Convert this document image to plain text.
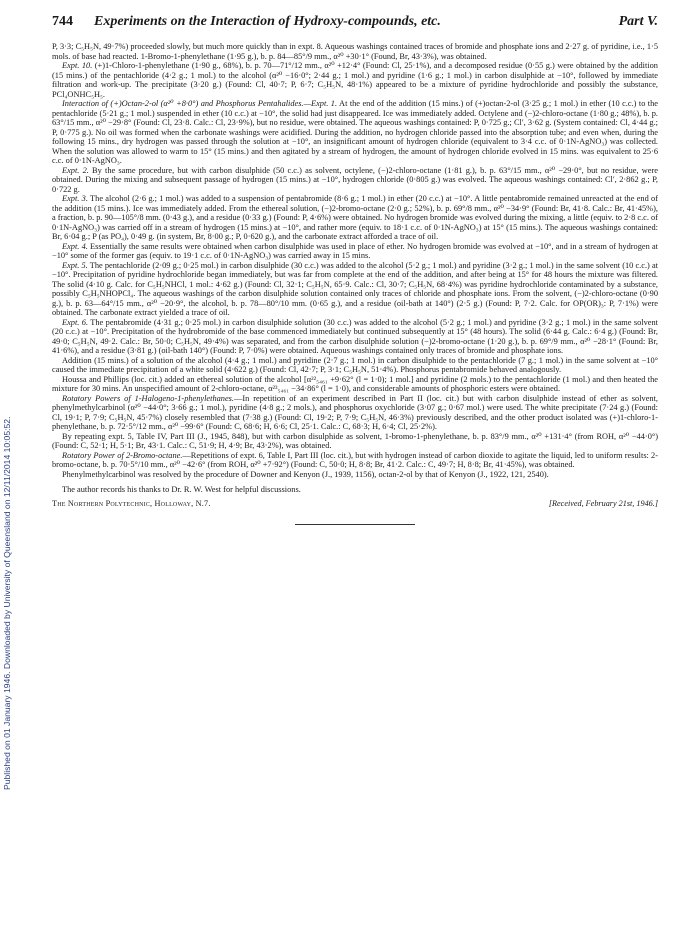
Published on 01 January 1946. Downloaded by University of Queensland on 12/11/2014 10:05:52.
744	Experiments on the Interaction of Hydroxy-compounds, etc.	Part V.

P, 3·3; C₅H₅N, 49·7%) proceeded slowly, but much more quickly than in expt. 8. Aqueous washings contained traces of bromide and phosphate ions and 2·27 g. of pyridine, i.e., 1·5 mols. of base had reacted. 1-Bromo-1-phenylethane (1·95 g.), b. p. 84—85°/9 mm., α²⁰ +30·1° (Found, Br, 43·3%), was obtained.

Expt. 10. (+)1-Chloro-1-phenylethane (1·90 g., 68%), b. p. 70—71°/12 mm., α²⁰ +12·4° (Found: Cl, 25·1%), and a decomposed residue (0·55 g.) were obtained by the addition (15 mins.) of the pentachloride (4·2 g.; 1 mol.) to the alcohol (α²⁰ −16·0°; 2·44 g.; 1 mol.) and pyridine (1·6 g.; 1 mol.) in carbon disulphide at −10°, followed by immediate filtration and work-up. The precipitate (3·20 g.) (Found: Cl, 40·7; P, 6·7; C₅H₅N, 48·1%) appeared to be a mixture of pyridine hydrochloride and possibly the substance, PCl₄ONHC₅H₅.

Interaction of (+)Octan-2-ol (α²⁰ +8·0°) and Phosphorus Pentahalides.—Expt. 1. At the end of the addition (15 mins.) of (+)octan-2-ol (3·25 g.; 1 mol.) in ether (10 c.c.) to the pentachloride (5·21 g.; 1 mol.) suspended in ether (10 c.c.) at −10°, the solid had just disappeared. Ice was immediately added. Octylene and (−)2-chloro-octane (1·80 g.; 48%), b. p. 63°/15 mm., α²⁰ −29·8° (Found: Cl, 23·8. Calc.: Cl, 23·9%), but no residue, were obtained. The aqueous washings contained: P, 0·725 g.; Cl′, 3·62 g. (System contained: Cl, 4·44 g.; P, 0·775 g.). No oil was formed when the carbonate washings were acidified. During the addition, no hydrogen chloride passed into the absorption tube; and even when, during the following 15 mins., dry hydrogen was passed through the solution at −10°, an insignificant amount of hydrogen chloride (equivalent to 3·4 c.c. of 0·1N-AgNO₃) was collected. When the solution was allowed to warm to 15° (15 mins.) and then agitated by a stream of hydrogen, the amount of hydrogen chloride evolved in 15 mins. was equivalent to 25·6 c.c. of 0·1N-AgNO₃.

Expt. 2. By the same procedure, but with carbon disulphide (50 c.c.) as solvent, octylene, (−)2-chloro-octane (1·81 g.), b. p. 63°/15 mm., α²⁰ −29·0°, but no residue, were obtained. During the mixing and subsequent passage of hydrogen (15 mins.) at −10°, hydrogen chloride (0·805 g.) was evolved. The aqueous washings contained: Cl′, 2·862 g.; P, 0·722 g.

Expt. 3. The alcohol (2·6 g.; 1 mol.) was added to a suspension of pentabromide (8·6 g.; 1 mol.) in ether (20 c.c.) at −10°. A little pentabromide remained unreacted at the end of the addition (15 mins.). Ice was immediately added. From the ethereal solution, (−)2-bromo-octane (2·0 g.; 52%), b. p. 69°/8 mm., α²⁰ −34·9° (Found: Br, 41·8. Calc.: Br, 41·45%), a fraction, b. p. 90—105°/8 mm. (0·43 g.), and a residue (0·33 g.) (Found: P, 4·6%) were obtained. No hydrogen bromide was evolved during the mixing, a little (equiv. to 2·8 c.c. of 0·1N-AgNO₃) was carried off in a stream of hydrogen (15 mins.) at −10°, and rather more (equiv. to 18·1 c.c. of 0·1N-AgNO₃) at 15° (15 mins.). The aqueous washings contained: Br, 6·04 g.; P (as PO₄), 0·49 g. (in system, Br, 8·00 g.; P, 0·620 g.), and the carbonate extract afforded a trace of oil.

Expt. 4. Essentially the same results were obtained when carbon disulphide was used in place of ether. No hydrogen bromide was evolved at −10°, and in a stream of hydrogen at −10° some of the former gas (equiv. to 19·1 c.c. of 0·1N-AgNO₃) was carried away in 15 mins.

Expt. 5. The pentachloride (2·09 g.; 0·25 mol.) in carbon disulphide (30 c.c.) was added to the alcohol (5·2 g.; 1 mol.) and pyridine (3·2 g.; 1 mol.) in the same solvent (10 c.c.) at −10°. Precipitation of pyridine hydrochloride began immediately, but was far from complete at the end of the addition, and after being at 15° for 48 hours the mixture was filtered. The solid (4·10 g. Calc. for C₅H₅NHCl, 1 mol.: 4·62 g.) (Found: Cl, 32·1; C₅H₅N, 65·9. Calc.: Cl, 30·7; C₅H₅N, 68·4%) was pyridine hydrochloride contaminated by a substance, possibly C₅H₅NHOPCl₄. The aqueous washings of the carbon disulphide solution contained only traces of chloride and phosphate ions. From the solvent, (−)2-chloro-octane (0·90 g.), b. p. 63—64°/15 mm., α²⁰ −20·9°, the alcohol, b. p. 78—80°/10 mm. (0·65 g.), and a residue (oil-bath at 140°) (2·5 g.) (Found: P, 7·2. Calc. for OP(OR)₃: P, 7·1%) were obtained. The carbonate extract yielded a trace of oil.

Expt. 6. The pentabromide (4·31 g.; 0·25 mol.) in carbon disulphide solution (30 c.c.) was added to the alcohol (5·2 g.; 1 mol.) and pyridine (3·2 g.; 1 mol.) in the same solvent (20 c.c.) at −10°. Precipitation of the hydrobromide of the base commenced immediately but continued subsequently at 15° (48 hours). The solid (6·44 g. Calc.: 6·4 g.) (Found: Br, 49·0; C₅H₅N, 49·2. Calc.: Br, 50·0; C₅H₅N, 49·4%) was separated, and from the carbon disulphide solution (−)2-bromo-octane (1·20 g.), b. p. 69°/9 mm., α²⁰ −28·1° (Found: Br, 41·6%), and a residue (3·81 g.) (oil-bath 140°) (Found: P, 7·0%) were obtained. Aqueous washings contained only traces of bromide and phosphate ions.

Addition (15 mins.) of a solution of the alcohol (4·4 g.; 1 mol.) and pyridine (2·7 g.; 1 mol.) in carbon disulphide to the pentachloride (7 g.; 1 mol.) in the same solvent at −10° caused the immediate precipitation of a white solid (4·622 g.) (Found: Cl, 42·7; P, 3·1; C₅H₅N, 51·4%). Phosphorus pentabromide behaved analogously.

Houssa and Phillips (loc. cit.) added an ethereal solution of the alcohol [α²²₅₄₆₁ +9·62° (l = 1·0); 1 mol.] and pyridine (2 mols.) to the pentachloride (1 mol.) and then heated the mixture for 30 mins. An unspecified amount of 2-chloro-octane, α²³₅₄₆₁ −34·86° (l = 1·0), and considerable amounts of phosphoric esters were obtained.

Rotatory Powers of 1-Halogeno-1-phenylethanes.—In repetition of an experiment described in Part II (loc. cit.) but with carbon disulphide instead of ether as solvent, phenylmethylcarbinol (α²⁰ −44·0°; 3·66 g.; 1 mol.), pyridine (4·8 g.; 2 mols.), and phosphorus oxychloride (3·07 g.; 0·67 mol.) were used. The white precipitate (7·24 g.) (Found: Cl, 19·1; P, 7·9; C₅H₅N, 45·7%) closely resembled that (7·38 g.) (Found: Cl, 19·2; P, 7·9; C₅H₅N, 46·3%) previously described, and the other product isolated was (+)1-chloro-1-phenylethane, b. p. 72·5°/12 mm., α²⁰ −99·6° (Found: C, 68·6; H, 6·6; Cl, 25·1. Calc.: C, 68·3; H, 6·4; Cl, 25·2%).

By repeating expt. 5, Table IV, Part III (J., 1945, 848), but with carbon disulphide as solvent, 1-bromo-1-phenylethane, b. p. 83°/9 mm., α²⁰ +131·4° (from ROH, α²⁰ −44·0°) (Found: C, 52·1; H, 5·1; Br, 43·1. Calc.: C, 51·9; H, 4·9; Br, 43·2%), was obtained.

Rotatory Power of 2-Bromo-octane.—Repetitions of expt. 6, Table I, Part III (loc. cit.), but with hydrogen instead of carbon dioxide to agitate the liquid, led to uniform results: 2-bromo-octane, b. p. 70·5°/10 mm., α²⁰ −42·6° (from ROH, α²⁰ +7·92°) (Found: C, 50·0; H, 8·8; Br, 41·2. Calc.: C, 49·7; H, 8·8; Br, 41·45%), was obtained.

Phenylmethylcarbinol was resolved by the procedure of Downer and Kenyon (J., 1939, 1156), octan-2-ol by that of Kenyon (J., 1922, 121, 2540).

The author records his thanks to Dr. R. W. West for helpful discussions.
The Northern Polytechnic, Holloway, N.7.	[Received, February 21st, 1946.]
